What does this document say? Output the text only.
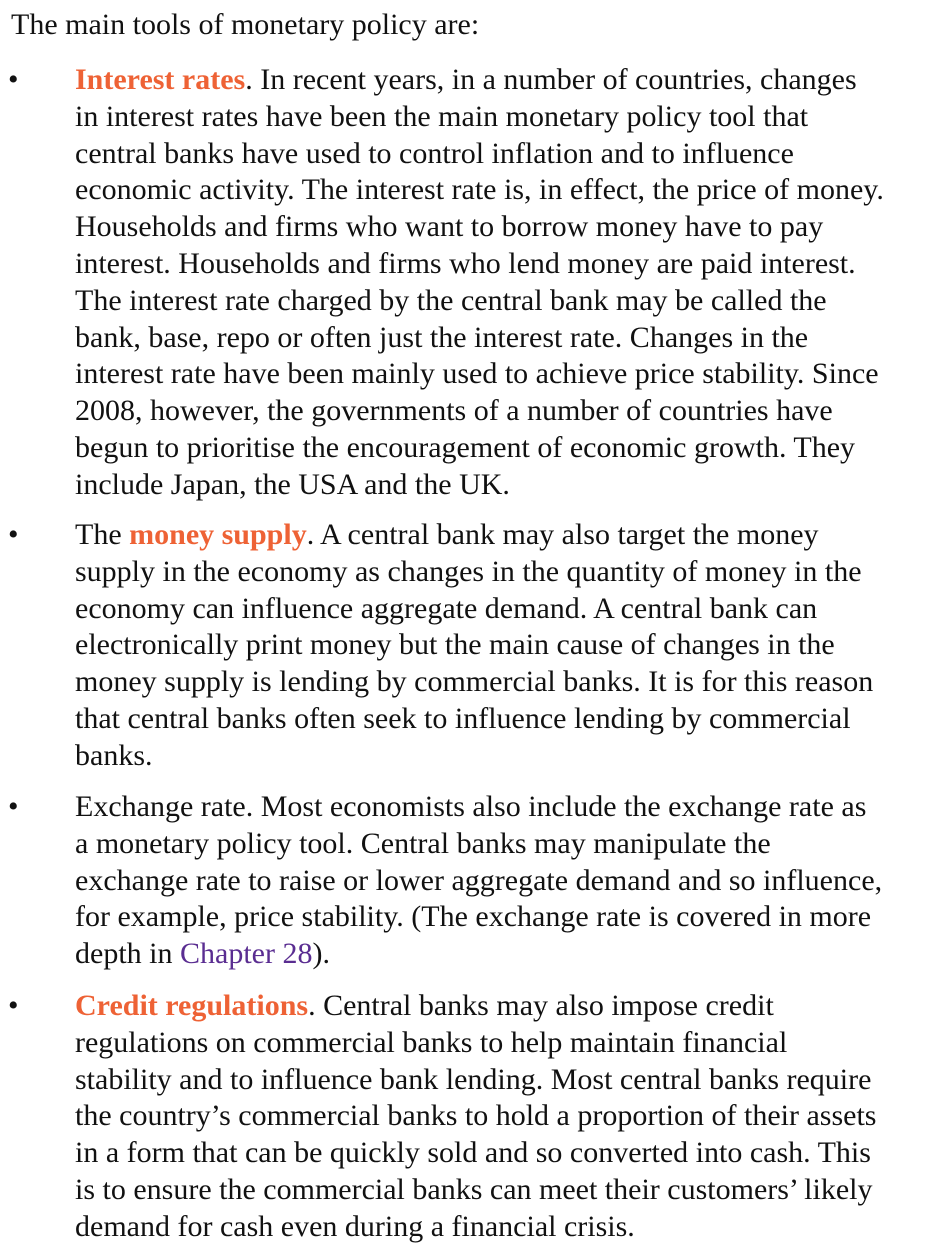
The main tools of monetary policy are:

• Interest rates. In recent years, in a number of countries, changes
in interest rates have been the main monetary policy tool that
central banks have used to control inflation and to influence
economic activity. The interest rate is, in effect, the price of money.
Households and firms who want to borrow money have to pay
interest. Households and firms who lend money are paid interest.
The interest rate charged by the central bank may be called the
bank, base, repo or often just the interest rate. Changes in the
interest rate have been mainly used to achieve price stability. Since
2008, however, the governments of a number of countries have
begun to prioritise the encouragement of economic growth. They
include Japan, the USA and the UK.

• The money supply. A central bank may also target the money
supply in the economy as changes in the quantity of money in the
economy can influence aggregate demand. A central bank can
electronically print money but the main cause of changes in the
money supply is lending by commercial banks. It is for this reason
that central banks often seek to influence lending by commercial
banks.

• Exchange rate. Most economists also include the exchange rate as
a monetary policy tool. Central banks may manipulate the
exchange rate to raise or lower aggregate demand and so influence,
for example, price stability. (The exchange rate is covered in more
depth in Chapter 28).

• Credit regulations. Central banks may also impose credit
regulations on commercial banks to help maintain financial
stability and to influence bank lending. Most central banks require
the country’s commercial banks to hold a proportion of their assets
in a form that can be quickly sold and so converted into cash. This
is to ensure the commercial banks can meet their customers’ likely
demand for cash even during a financial crisis.
